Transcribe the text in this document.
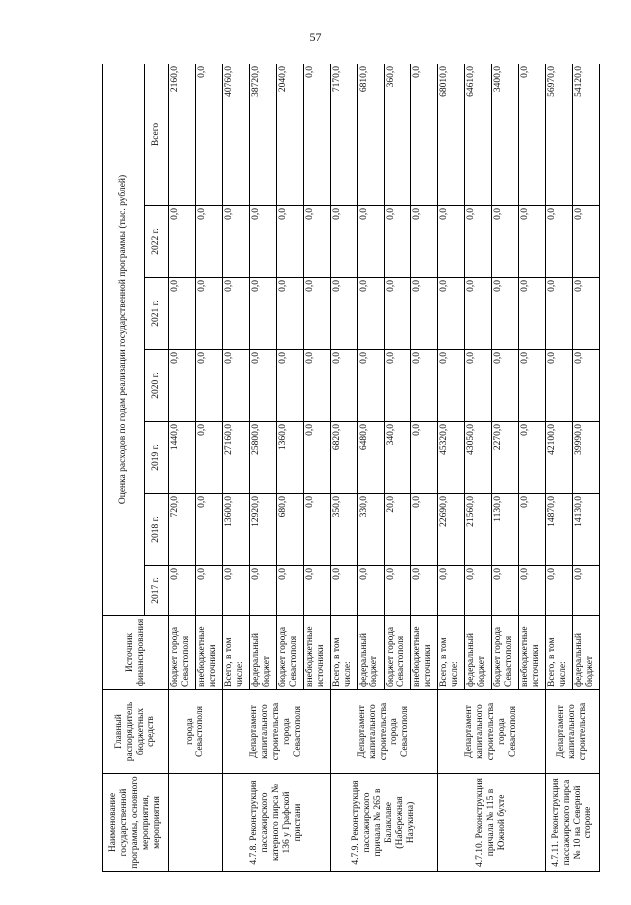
57
Наименование государственной программы, основного мероприятия, мероприятия	Главный распорядитель бюджетных средств	Источник финансирования	Оценка расходов по годам реализации государственной программы (тыс. рублей)						
			2017 г.	2018 г.	2019 г.	2020 г.	2021 г.	2022 г.	Всего
	города Севастополя	бюджет города Севастополя	0,0	720,0	1440,0	0,0	0,0	0,0	2160,0
		внебюджетные источники	0,0	0,0	0,0	0,0	0,0	0,0	0,0
4.7.8. Реконструкция пассажирского катерного пирса № 136 у Графской пристани	Департамент капитального строительства города Севастополя	Всего, в том числе:	0,0	13600,0	27160,0	0,0	0,0	0,0	40760,0
		федеральный бюджет	0,0	12920,0	25800,0	0,0	0,0	0,0	38720,0
		бюджет города Севастополя	0,0	680,0	1360,0	0,0	0,0	0,0	2040,0
		внебюджетные источники	0,0	0,0	0,0	0,0	0,0	0,0	0,0
4.7.9. Реконструкция пассажирского причала № 265 в Балаклаве (Набережная Назукина)	Департамент капитального строительства города Севастополя	Всего, в том числе:	0,0	350,0	6820,0	0,0	0,0	0,0	7170,0
		федеральный бюджет	0,0	330,0	6480,0	0,0	0,0	0,0	6810,0
		бюджет города Севастополя	0,0	20,0	340,0	0,0	0,0	0,0	360,0
		внебюджетные источники	0,0	0,0	0,0	0,0	0,0	0,0	0,0
4.7.10. Реконструкция причала № 115 в Южной бухте	Департамент капитального строительства города Севастополя	Всего, в том числе:	0,0	22690,0	45320,0	0,0	0,0	0,0	68010,0
		федеральный бюджет	0,0	21560,0	43050,0	0,0	0,0	0,0	64610,0
		бюджет города Севастополя	0,0	1130,0	2270,0	0,0	0,0	0,0	3400,0
		внебюджетные источники	0,0	0,0	0,0	0,0	0,0	0,0	0,0
4.7.11. Реконструкция пассажирского пирса № 10 на Северной стороне	Департамент капитального строительства	Всего, в том числе:	0,0	14870,0	42100,0	0,0	0,0	0,0	56970,0
		федеральный бюджет	0,0	14130,0	39990,0	0,0	0,0	0,0	54120,0
